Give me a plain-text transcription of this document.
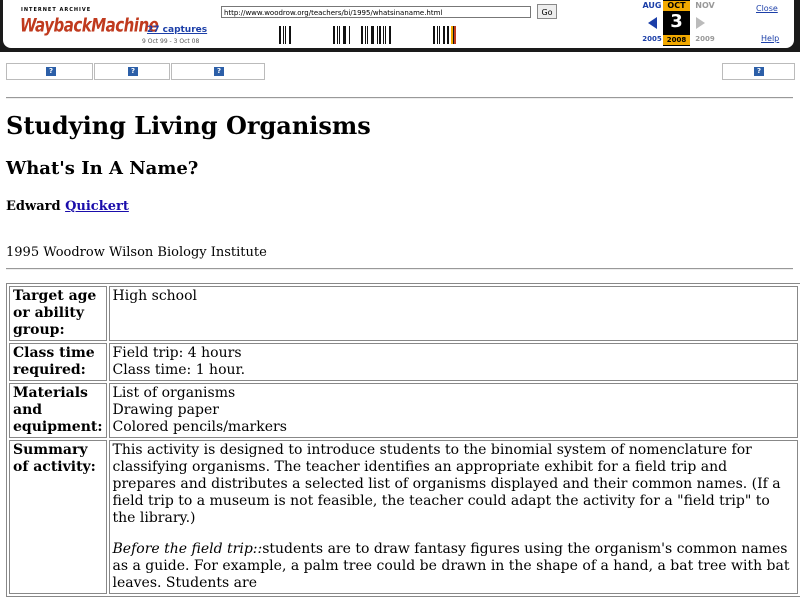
INTERNET ARCHIVE
WaybackMachine
27 captures
9 Oct 99 - 3 Oct 08
http://www.woodrow.org/teachers/bi/1995/whatsinaname.html	Go
AUG
2005
OCT
3
2008
NOV
2009
Close
Help
?	?	?	?
Studying Living Organisms
What's In A Name?
Edward Quickert
1995 Woodrow Wilson Biology Institute
Target age or ability group:	High school

Class time required:	Field trip: 4 hours
Class time: 1 hour.

Materials and equipment:	List of organisms
Drawing paper
Colored pencils/markers

Summary of activity:	This activity is designed to introduce students to the binomial system of nomenclature for classifying organisms. The teacher identifies an appropriate exhibit for a field trip and prepares and distributes a selected list of organisms displayed and their common names. (If a field trip to a museum is not feasible, the teacher could adapt the activity for a "field trip" to the library.)
Before the field trip::students are to draw fantasy figures using the organism's common names as a guide. For example, a palm tree could be drawn in the shape of a hand, a bat tree with bat leaves. Students are
